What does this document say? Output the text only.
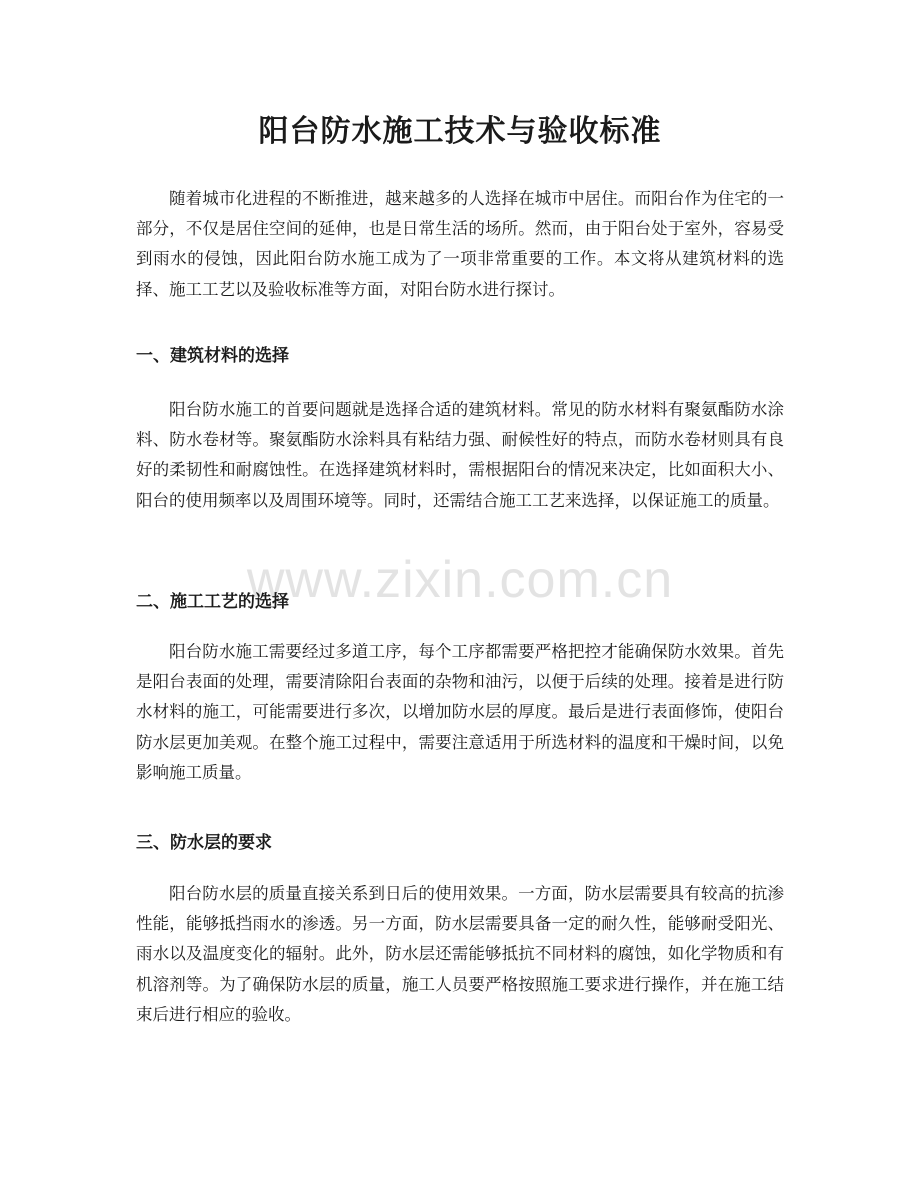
www.zixin.com.cn
阳台防水施工技术与验收标准

随着城市化进程的不断推进，越来越多的人选择在城市中居住。而阳台作为住宅的一部分，不仅是居住空间的延伸，也是日常生活的场所。然而，由于阳台处于室外，容易受到雨水的侵蚀，因此阳台防水施工成为了一项非常重要的工作。本文将从建筑材料的选择、施工工艺以及验收标准等方面，对阳台防水进行探讨。

一、建筑材料的选择

阳台防水施工的首要问题就是选择合适的建筑材料。常见的防水材料有聚氨酯防水涂料、防水卷材等。聚氨酯防水涂料具有粘结力强、耐候性好的特点，而防水卷材则具有良好的柔韧性和耐腐蚀性。在选择建筑材料时，需根据阳台的情况来决定，比如面积大小、阳台的使用频率以及周围环境等。同时，还需结合施工工艺来选择，以保证施工的质量。

二、施工工艺的选择

阳台防水施工需要经过多道工序，每个工序都需要严格把控才能确保防水效果。首先是阳台表面的处理，需要清除阳台表面的杂物和油污，以便于后续的处理。接着是进行防水材料的施工，可能需要进行多次，以增加防水层的厚度。最后是进行表面修饰，使阳台防水层更加美观。在整个施工过程中，需要注意适用于所选材料的温度和干燥时间，以免影响施工质量。

三、防水层的要求

阳台防水层的质量直接关系到日后的使用效果。一方面，防水层需要具有较高的抗渗性能，能够抵挡雨水的渗透。另一方面，防水层需要具备一定的耐久性，能够耐受阳光、雨水以及温度变化的辐射。此外，防水层还需能够抵抗不同材料的腐蚀，如化学物质和有机溶剂等。为了确保防水层的质量，施工人员要严格按照施工要求进行操作，并在施工结束后进行相应的验收。
